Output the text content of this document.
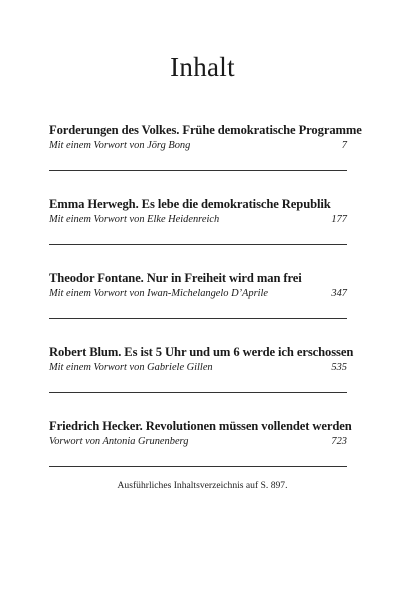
Inhalt
Forderungen des Volkes. Frühe demokratische Programme
Mit einem Vorwort von Jörg Bong	7
Emma Herwegh. Es lebe die demokratische Republik
Mit einem Vorwort von Elke Heidenreich	177
Theodor Fontane. Nur in Freiheit wird man frei
Mit einem Vorwort von Iwan-Michelangelo D’Aprile	347
Robert Blum. Es ist 5 Uhr und um 6 werde ich erschossen
Mit einem Vorwort von Gabriele Gillen	535
Friedrich Hecker. Revolutionen müssen vollendet werden
Vorwort von Antonia Grunenberg	723
Ausführliches Inhaltsverzeichnis auf S. 897.
